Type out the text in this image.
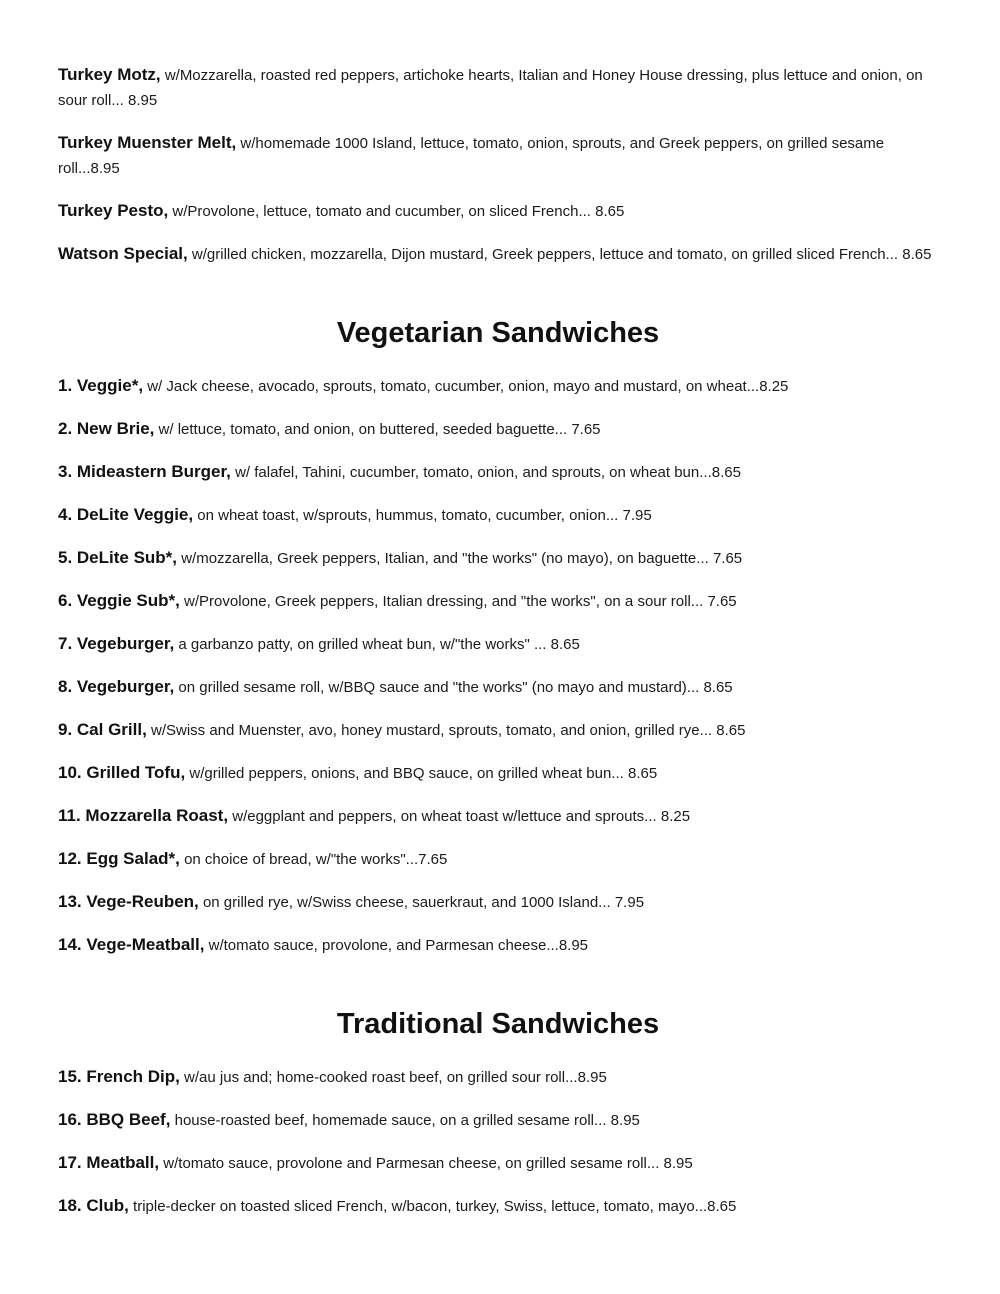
Turkey Motz, w/Mozzarella, roasted red peppers, artichoke hearts, Italian and Honey House dressing, plus lettuce and onion, on sour roll... 8.95

Turkey Muenster Melt, w/homemade 1000 Island, lettuce, tomato, onion, sprouts, and Greek peppers, on grilled sesame roll...8.95

Turkey Pesto, w/Provolone, lettuce, tomato and cucumber, on sliced French... 8.65

Watson Special, w/grilled chicken, mozzarella, Dijon mustard, Greek peppers, lettuce and tomato, on grilled sliced French... 8.65

Vegetarian Sandwiches

1. Veggie*, w/ Jack cheese, avocado, sprouts, tomato, cucumber, onion, mayo and mustard, on wheat...8.25

2. New Brie, w/ lettuce, tomato, and onion, on buttered, seeded baguette... 7.65

3. Mideastern Burger, w/ falafel, Tahini, cucumber, tomato, onion, and sprouts, on wheat bun...8.65

4. DeLite Veggie, on wheat toast, w/sprouts, hummus, tomato, cucumber, onion... 7.95

5. DeLite Sub*, w/mozzarella, Greek peppers, Italian, and "the works" (no mayo), on baguette... 7.65

6. Veggie Sub*, w/Provolone, Greek peppers, Italian dressing, and "the works", on a sour roll... 7.65

7. Vegeburger, a garbanzo patty, on grilled wheat bun, w/"the works" ... 8.65

8. Vegeburger, on grilled sesame roll, w/BBQ sauce and "the works" (no mayo and mustard)... 8.65

9. Cal Grill, w/Swiss and Muenster, avo, honey mustard, sprouts, tomato, and onion, grilled rye... 8.65

10. Grilled Tofu, w/grilled peppers, onions, and BBQ sauce, on grilled wheat bun... 8.65

11. Mozzarella Roast, w/eggplant and peppers, on wheat toast w/lettuce and sprouts... 8.25

12. Egg Salad*, on choice of bread, w/"the works"...7.65

13. Vege-Reuben, on grilled rye, w/Swiss cheese, sauerkraut, and 1000 Island... 7.95

14. Vege-Meatball, w/tomato sauce, provolone, and Parmesan cheese...8.95

Traditional Sandwiches

15. French Dip, w/au jus and; home-cooked roast beef, on grilled sour roll...8.95

16. BBQ Beef, house-roasted beef, homemade sauce, on a grilled sesame roll... 8.95

17. Meatball, w/tomato sauce, provolone and Parmesan cheese, on grilled sesame roll... 8.95

18. Club, triple-decker on toasted sliced French, w/bacon, turkey, Swiss, lettuce, tomato, mayo...8.65
